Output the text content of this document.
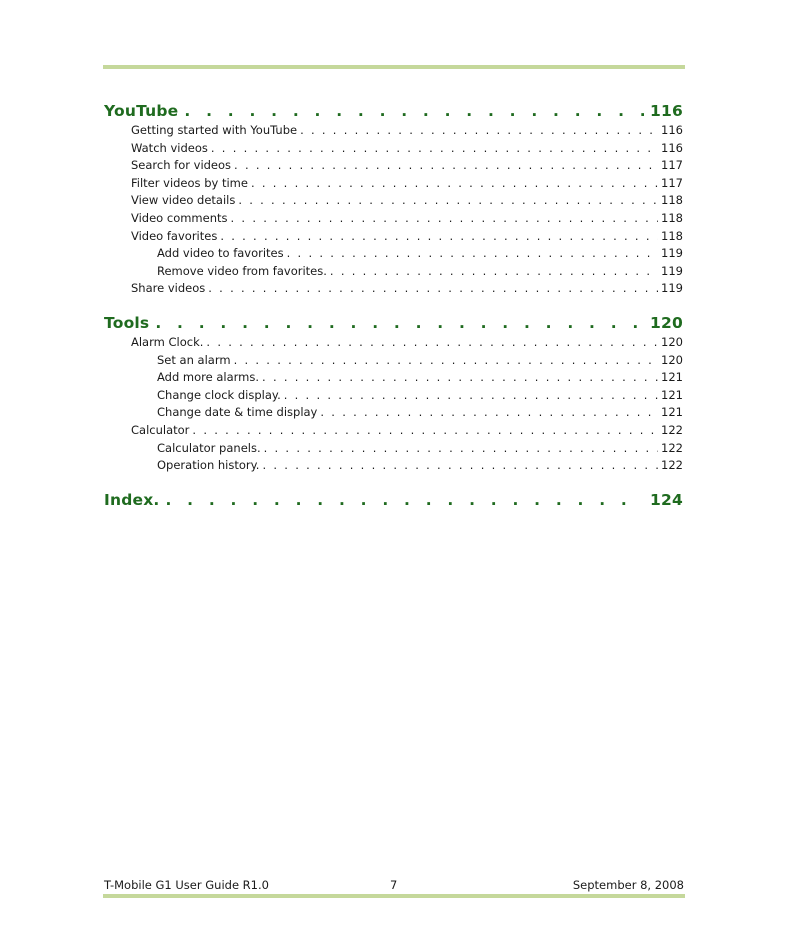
YouTube . . .	116
Getting started with YouTube . . .	116
Watch videos . . .	116
Search for videos . . .	117
Filter videos by time . . .	117
View video details . . .	118
Video comments . . .	118
Video favorites . . .	118
Add video to favorites . . .	119
Remove video from favorites. . . .	119
Share videos . . .	119
Tools . . .	120
Alarm Clock. . . .	120
Set an alarm . . .	120
Add more alarms. . . .	121
Change clock display. . . .	121
Change date & time display . . .	121
Calculator . . .	122
Calculator panels. . . .	122
Operation history. . . .	122
Index. . . .	124
T-Mobile G1 User Guide R1.0	7	September 8, 2008
